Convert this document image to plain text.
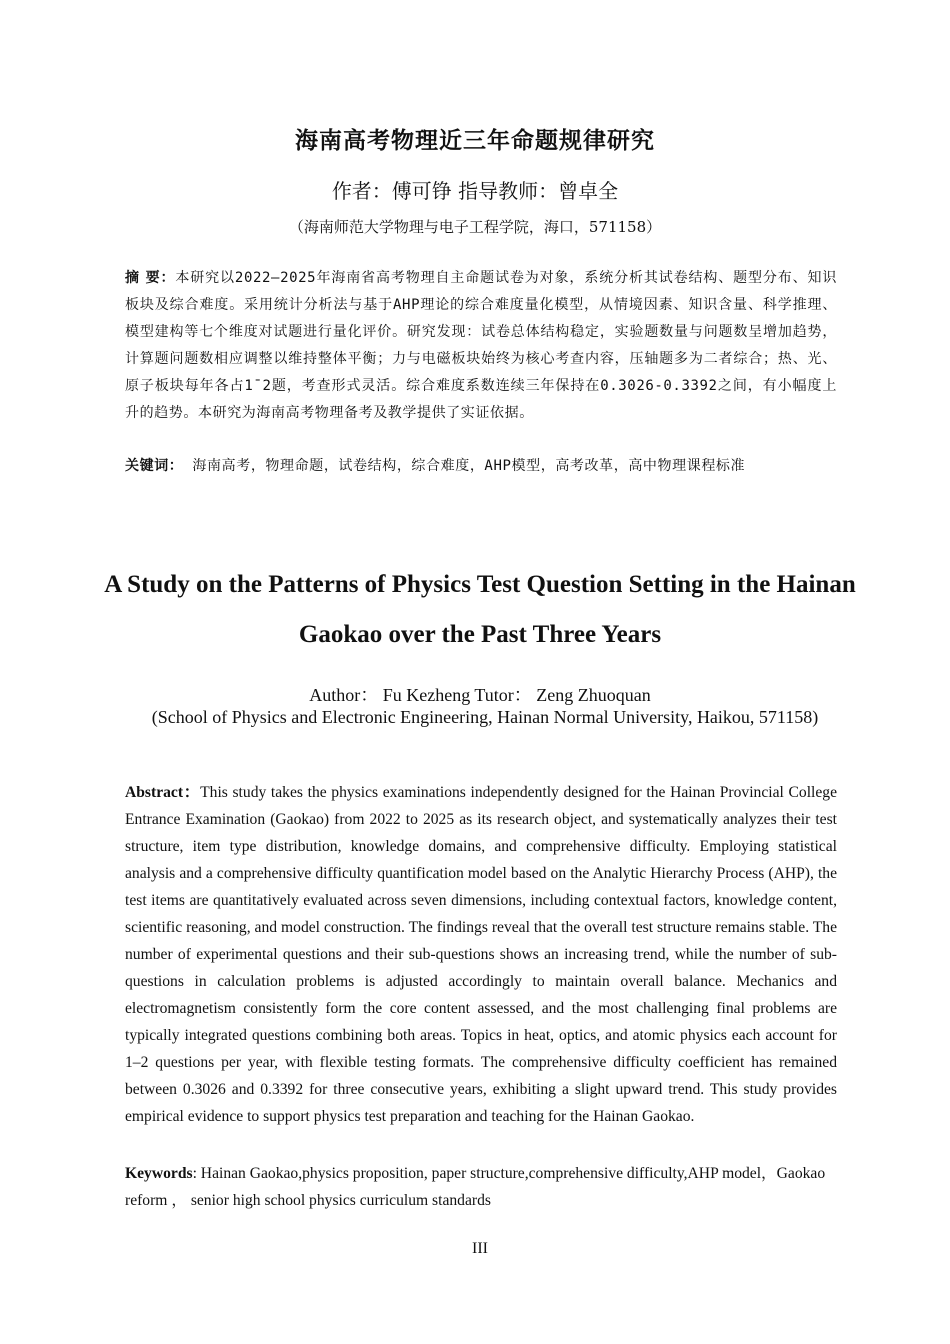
海南高考物理近三年命题规律研究
作者：傅可铮 指导教师：曾卓全
（海南师范大学物理与电子工程学院，海口，571158）

摘 要：本研究以2022—2025年海南省高考物理自主命题试卷为对象，系统分析其试卷结构、题型分布、知识板块及综合难度。采用统计分析法与基于AHP理论的综合难度量化模型，从情境因素、知识含量、科学推理、模型建构等七个维度对试题进行量化评价。研究发现：试卷总体结构稳定，实验题数量与问题数呈增加趋势，计算题问题数相应调整以维持整体平衡；力与电磁板块始终为核心考查内容，压轴题多为二者综合；热、光、原子板块每年各占1¯2题，考查形式灵活。综合难度系数连续三年保持在0.3026-0.3392之间，有小幅度上升的趋势。本研究为海南高考物理备考及教学提供了实证依据。

关键词： 海南高考，物理命题，试卷结构，综合难度，AHP模型，高考改革，高中物理课程标准

A Study on the Patterns of Physics Test Question Setting in the Hainan Gaokao over the Past Three Years
Author： Fu Kezheng Tutor： Zeng Zhuoquan

(School of Physics and Electronic Engineering, Hainan Normal University, Haikou, 571158)

Abstract：This study takes the physics examinations independently designed for the Hainan Provincial College Entrance Examination (Gaokao) from 2022 to 2025 as its research object, and systematically analyzes their test structure, item type distribution, knowledge domains, and comprehensive difficulty. Employing statistical analysis and a comprehensive difficulty quantification model based on the Analytic Hierarchy Process (AHP), the test items are quantitatively evaluated across seven dimensions, including contextual factors, knowledge content, scientific reasoning, and model construction. The findings reveal that the overall test structure remains stable. The number of experimental questions and their sub-questions shows an increasing trend, while the number of sub-questions in calculation problems is adjusted accordingly to maintain overall balance. Mechanics and electromagnetism consistently form the core content assessed, and the most challenging final problems are typically integrated questions combining both areas. Topics in heat, optics, and atomic physics each account for 1–2 questions per year, with flexible testing formats. The comprehensive difficulty coefficient has remained between 0.3026 and 0.3392 for three consecutive years, exhibiting a slight upward trend. This study provides empirical evidence to support physics test preparation and teaching for the Hainan Gaokao.

Keywords: Hainan Gaokao,physics proposition, paper structure,comprehensive difficulty,AHP model，Gaokao reform ， senior high school physics curriculum standards

III
